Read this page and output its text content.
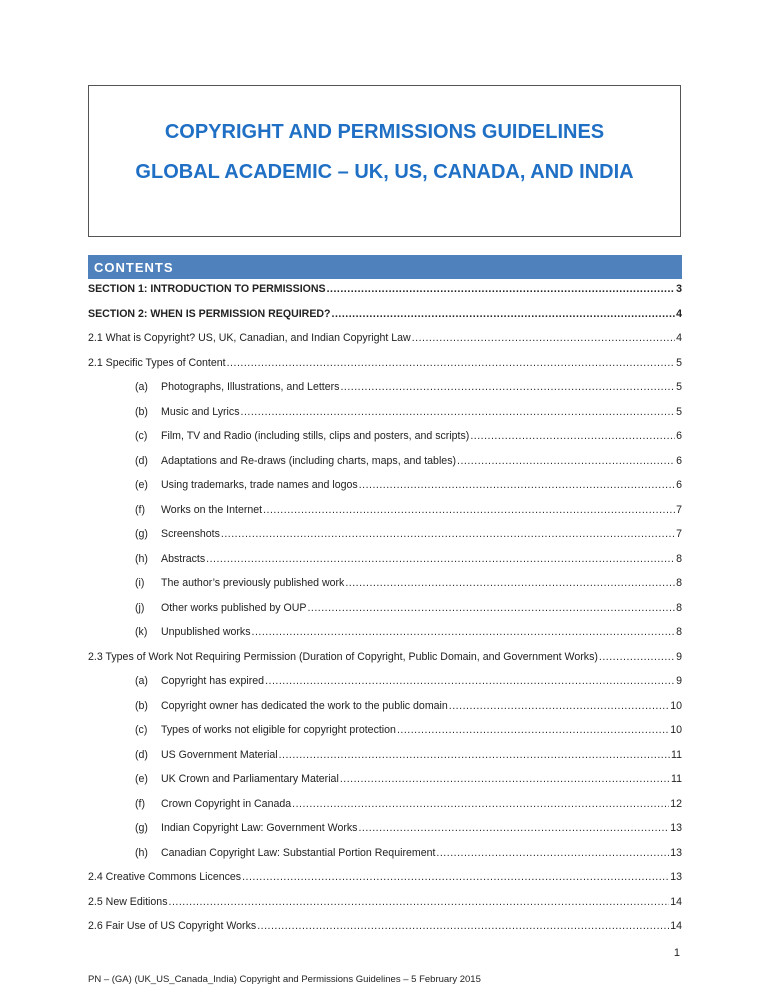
COPYRIGHT AND PERMISSIONS GUIDELINES
GLOBAL ACADEMIC – UK, US, CANADA, AND INDIA
CONTENTS
SECTION 1: INTRODUCTION TO PERMISSIONS .....	3
SECTION 2: WHEN IS PERMISSION REQUIRED? .....	4
2.1 What is Copyright? US, UK, Canadian, and Indian Copyright Law .....	4
2.1 Specific Types of Content .....	5
(a)	Photographs, Illustrations, and Letters .....	5
(b)	Music and Lyrics .....	5
(c)	Film, TV and Radio (including stills, clips and posters, and scripts) .....	6
(d)	Adaptations and Re-draws (including charts, maps, and tables) .....	6
(e)	Using trademarks, trade names and logos .....	6
(f)	Works on the Internet .....	7
(g)	Screenshots .....	7
(h)	Abstracts .....	8
(i)	The author’s previously published work .....	8
(j)	Other works published by OUP .....	8
(k)	Unpublished works .....	8
2.3 Types of Work Not Requiring Permission (Duration of Copyright, Public Domain, and Government Works) .....	9
(a)	Copyright has expired .....	9
(b)	Copyright owner has dedicated the work to the public domain .....	10
(c)	Types of works not eligible for copyright protection .....	10
(d)	US Government Material .....	11
(e)	UK Crown and Parliamentary Material .....	11
(f)	Crown Copyright in Canada .....	12
(g)	Indian Copyright Law: Government Works .....	13
(h)	Canadian Copyright Law: Substantial Portion Requirement .....	13
2.4 Creative Commons Licences .....	13
2.5 New Editions .....	14
2.6 Fair Use of US Copyright Works .....	14
1
PN – (GA) (UK_US_Canada_India) Copyright and Permissions Guidelines – 5 February 2015
